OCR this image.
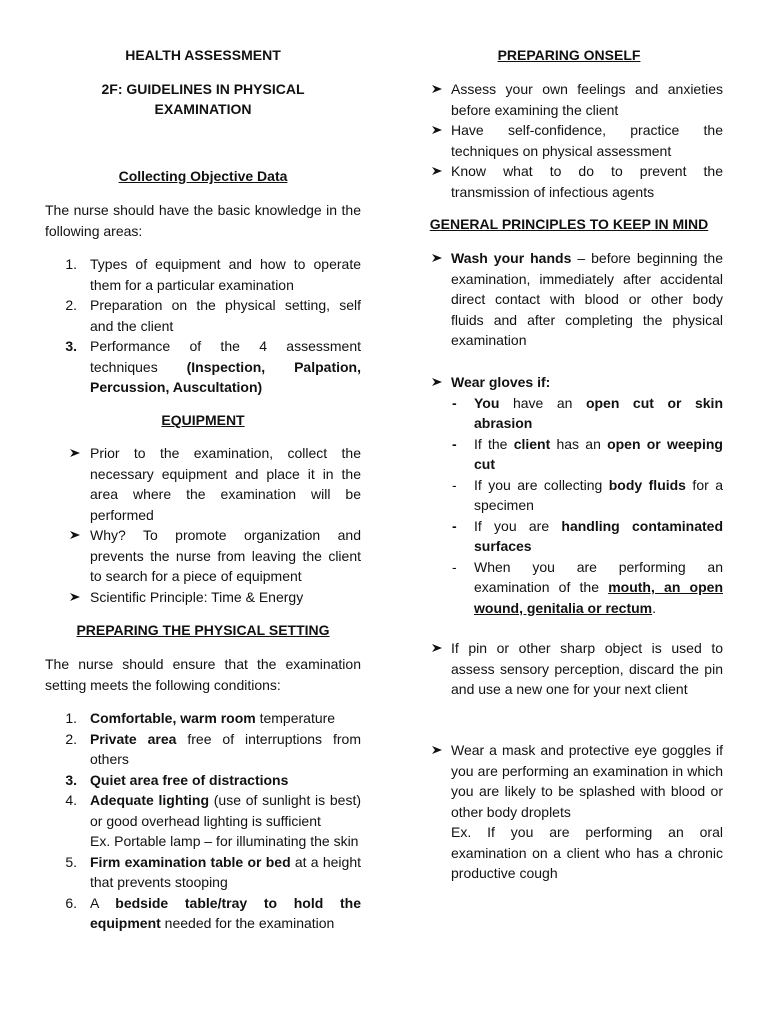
HEALTH ASSESSMENT

2F: GUIDELINES IN PHYSICAL

EXAMINATION

Collecting Objective Data

The nurse should have the basic knowledge in the following areas:

1. Types of equipment and how to operate them for a particular examination
2. Preparation on the physical setting, self and the client
3. Performance of the 4 assessment techniques (Inspection, Palpation, Percussion, Auscultation)

EQUIPMENT

Prior to the examination, collect the necessary equipment and place it in the area where the examination will be performed
Why? To promote organization and prevents the nurse from leaving the client to search for a piece of equipment
Scientific Principle: Time & Energy

PREPARING THE PHYSICAL SETTING

The nurse should ensure that the examination setting meets the following conditions:

1. Comfortable, warm room temperature
2. Private area free of interruptions from others
3. Quiet area free of distractions
4. Adequate lighting (use of sunlight is best) or good overhead lighting is sufficient
Ex. Portable lamp – for illuminating the skin
5. Firm examination table or bed at a height that prevents stooping
6. A bedside table/tray to hold the equipment needed for the examination

PREPARING ONSELF

Assess your own feelings and anxieties before examining the client
Have self-confidence, practice the techniques on physical assessment
Know what to do to prevent the transmission of infectious agents

GENERAL PRINCIPLES TO KEEP IN MIND

Wash your hands – before beginning the examination, immediately after accidental direct contact with blood or other body fluids and after completing the physical examination
Wear gloves if:
- You have an open cut or skin abrasion
- If the client has an open or weeping cut
- If you are collecting body fluids for a specimen
- If you are handling contaminated surfaces
- When you are performing an examination of the mouth, an open wound, genitalia or rectum.
If pin or other sharp object is used to assess sensory perception, discard the pin and use a new one for your next client
Wear a mask and protective eye goggles if you are performing an examination in which you are likely to be splashed with blood or other body droplets
Ex. If you are performing an oral examination on a client who has a chronic productive cough
